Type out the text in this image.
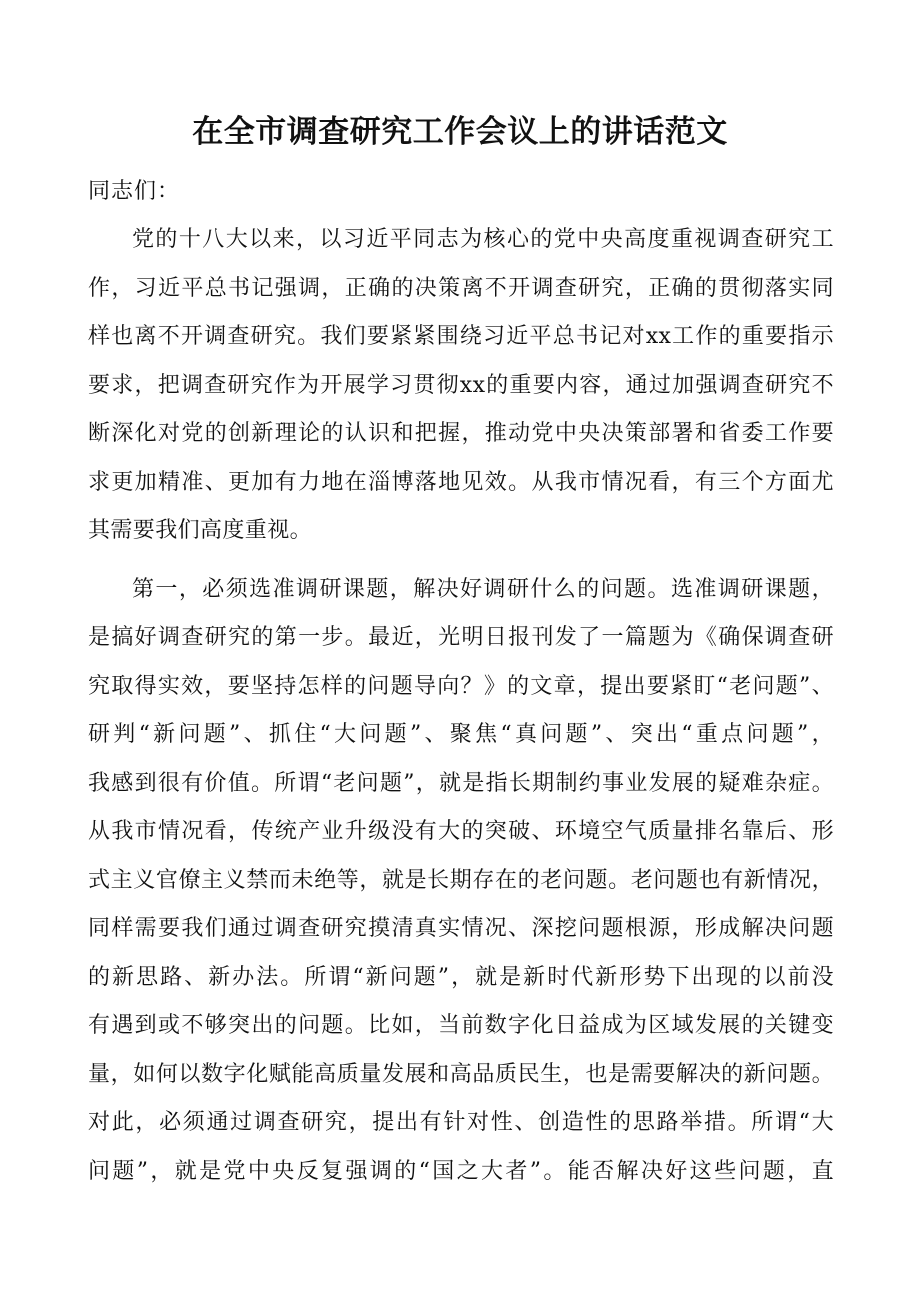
在全市调查研究工作会议上的讲话范文

同志们：

党的十八大以来，以习近平同志为核心的党中央高度重视调查研究工
作，习近平总书记强调，正确的决策离不开调查研究，正确的贯彻落实同
样也离不开调查研究。我们要紧紧围绕习近平总书记对xx工作的重要指示
要求，把调查研究作为开展学习贯彻xx的重要内容，通过加强调查研究不
断深化对党的创新理论的认识和把握，推动党中央决策部署和省委工作要
求更加精准、更加有力地在淄博落地见效。从我市情况看，有三个方面尤
其需要我们高度重视。

第一，必须选准调研课题，解决好调研什么的问题。选准调研课题，
是搞好调查研究的第一步。最近，光明日报刊发了一篇题为《确保调查研
究取得实效，要坚持怎样的问题导向？》的文章，提出要紧盯“老问题”、
研判“新问题”、抓住“大问题”、聚焦“真问题”、突出“重点问题”，
我感到很有价值。所谓“老问题”，就是指长期制约事业发展的疑难杂症。
从我市情况看，传统产业升级没有大的突破、环境空气质量排名靠后、形
式主义官僚主义禁而未绝等，就是长期存在的老问题。老问题也有新情况，
同样需要我们通过调查研究摸清真实情况、深挖问题根源，形成解决问题
的新思路、新办法。所谓“新问题”，就是新时代新形势下出现的以前没
有遇到或不够突出的问题。比如，当前数字化日益成为区域发展的关键变
量，如何以数字化赋能高质量发展和高品质民生，也是需要解决的新问题。
对此，必须通过调查研究，提出有针对性、创造性的思路举措。所谓“大
问题”，就是党中央反复强调的“国之大者”。能否解决好这些问题，直
